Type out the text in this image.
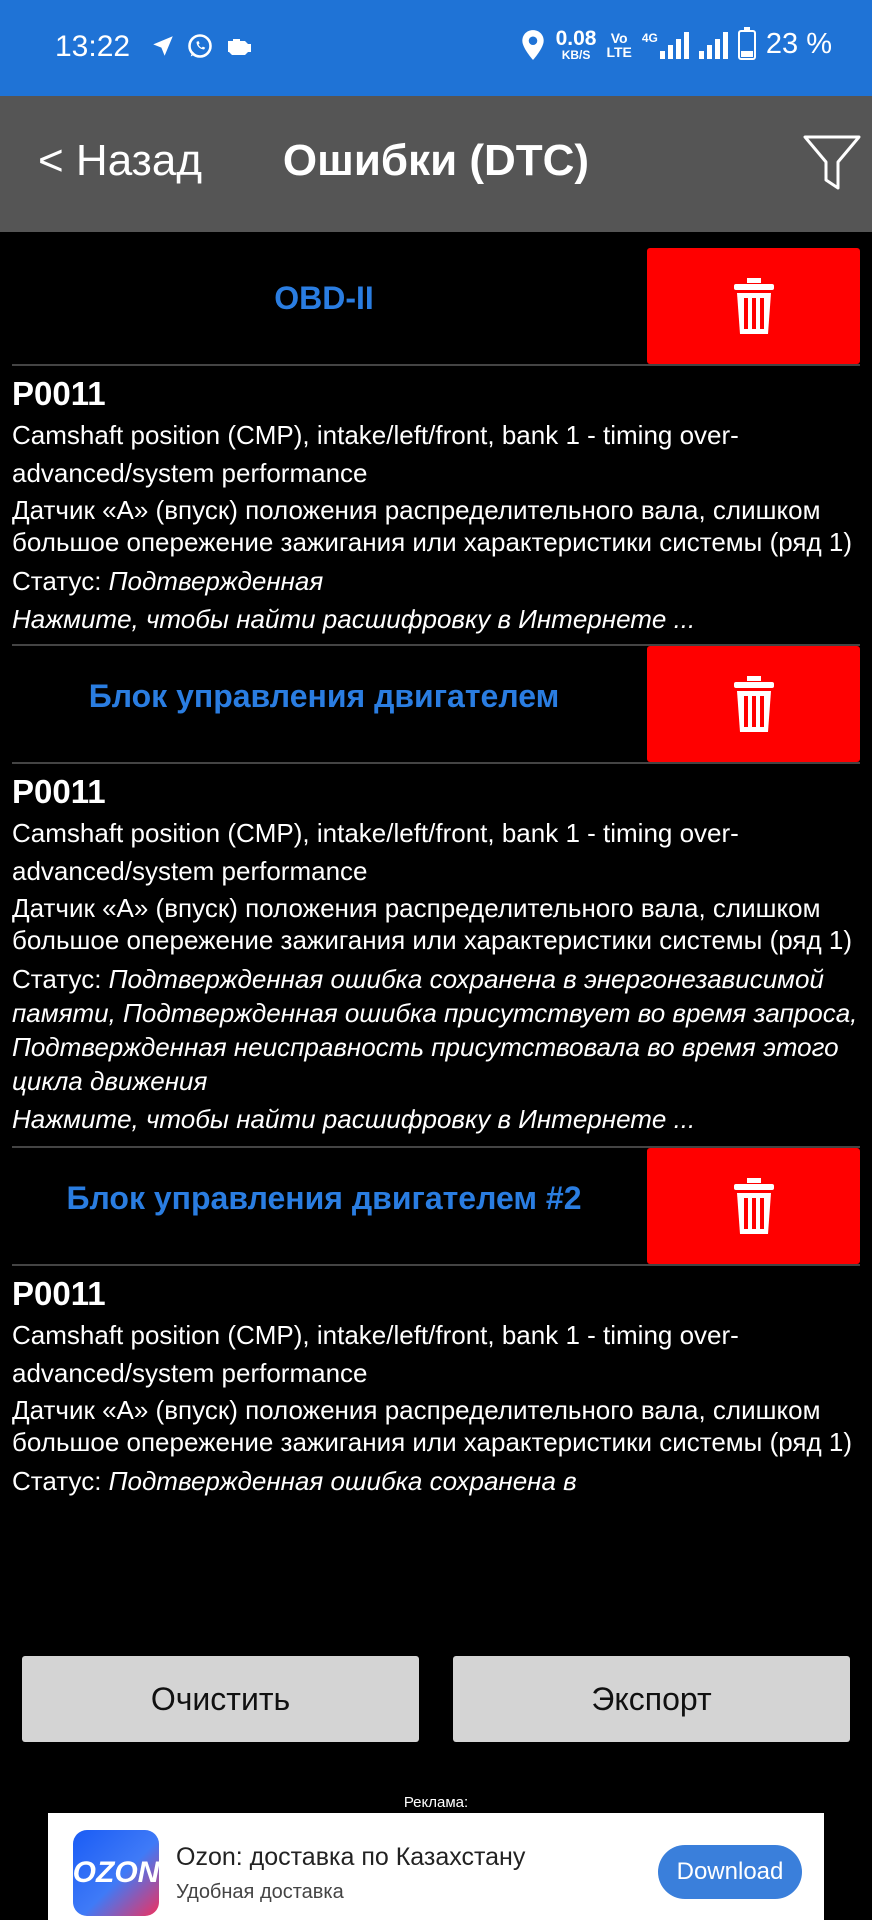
13:22	0.08
KB/S
Vo
LTE
4G	23 %
< Назад	Ошибки (DTC)
OBD-II
P0011
Camshaft position (CMP), intake/left/front, bank 1 - timing over-advanced/system performance
Датчик «А» (впуск) положения распределительного вала, слишком большое опережение зажигания или характеристики системы (ряд 1)
Статус: Подтвержденная
Нажмите, чтобы найти расшифровку в Интернете ...
Блок управления двигателем
P0011
Camshaft position (CMP), intake/left/front, bank 1 - timing over-advanced/system performance
Датчик «А» (впуск) положения распределительного вала, слишком большое опережение зажигания или характеристики системы (ряд 1)
Статус: Подтвержденная ошибка сохранена в энергонезависимой памяти, Подтвержденная ошибка присутствует во время запроса, Подтвержденная неисправность присутствовала во время этого цикла движения
Нажмите, чтобы найти расшифровку в Интернете ...
Блок управления двигателем #2
P0011
Camshaft position (CMP), intake/left/front, bank 1 - timing over-advanced/system performance
Датчик «А» (впуск) положения распределительного вала, слишком большое опережение зажигания или характеристики системы (ряд 1)
Статус: Подтвержденная ошибка сохранена в
Очистить	Экспорт
Реклама:
OZON Ozon: доставка по Казахстану
Удобная доставка
Download
